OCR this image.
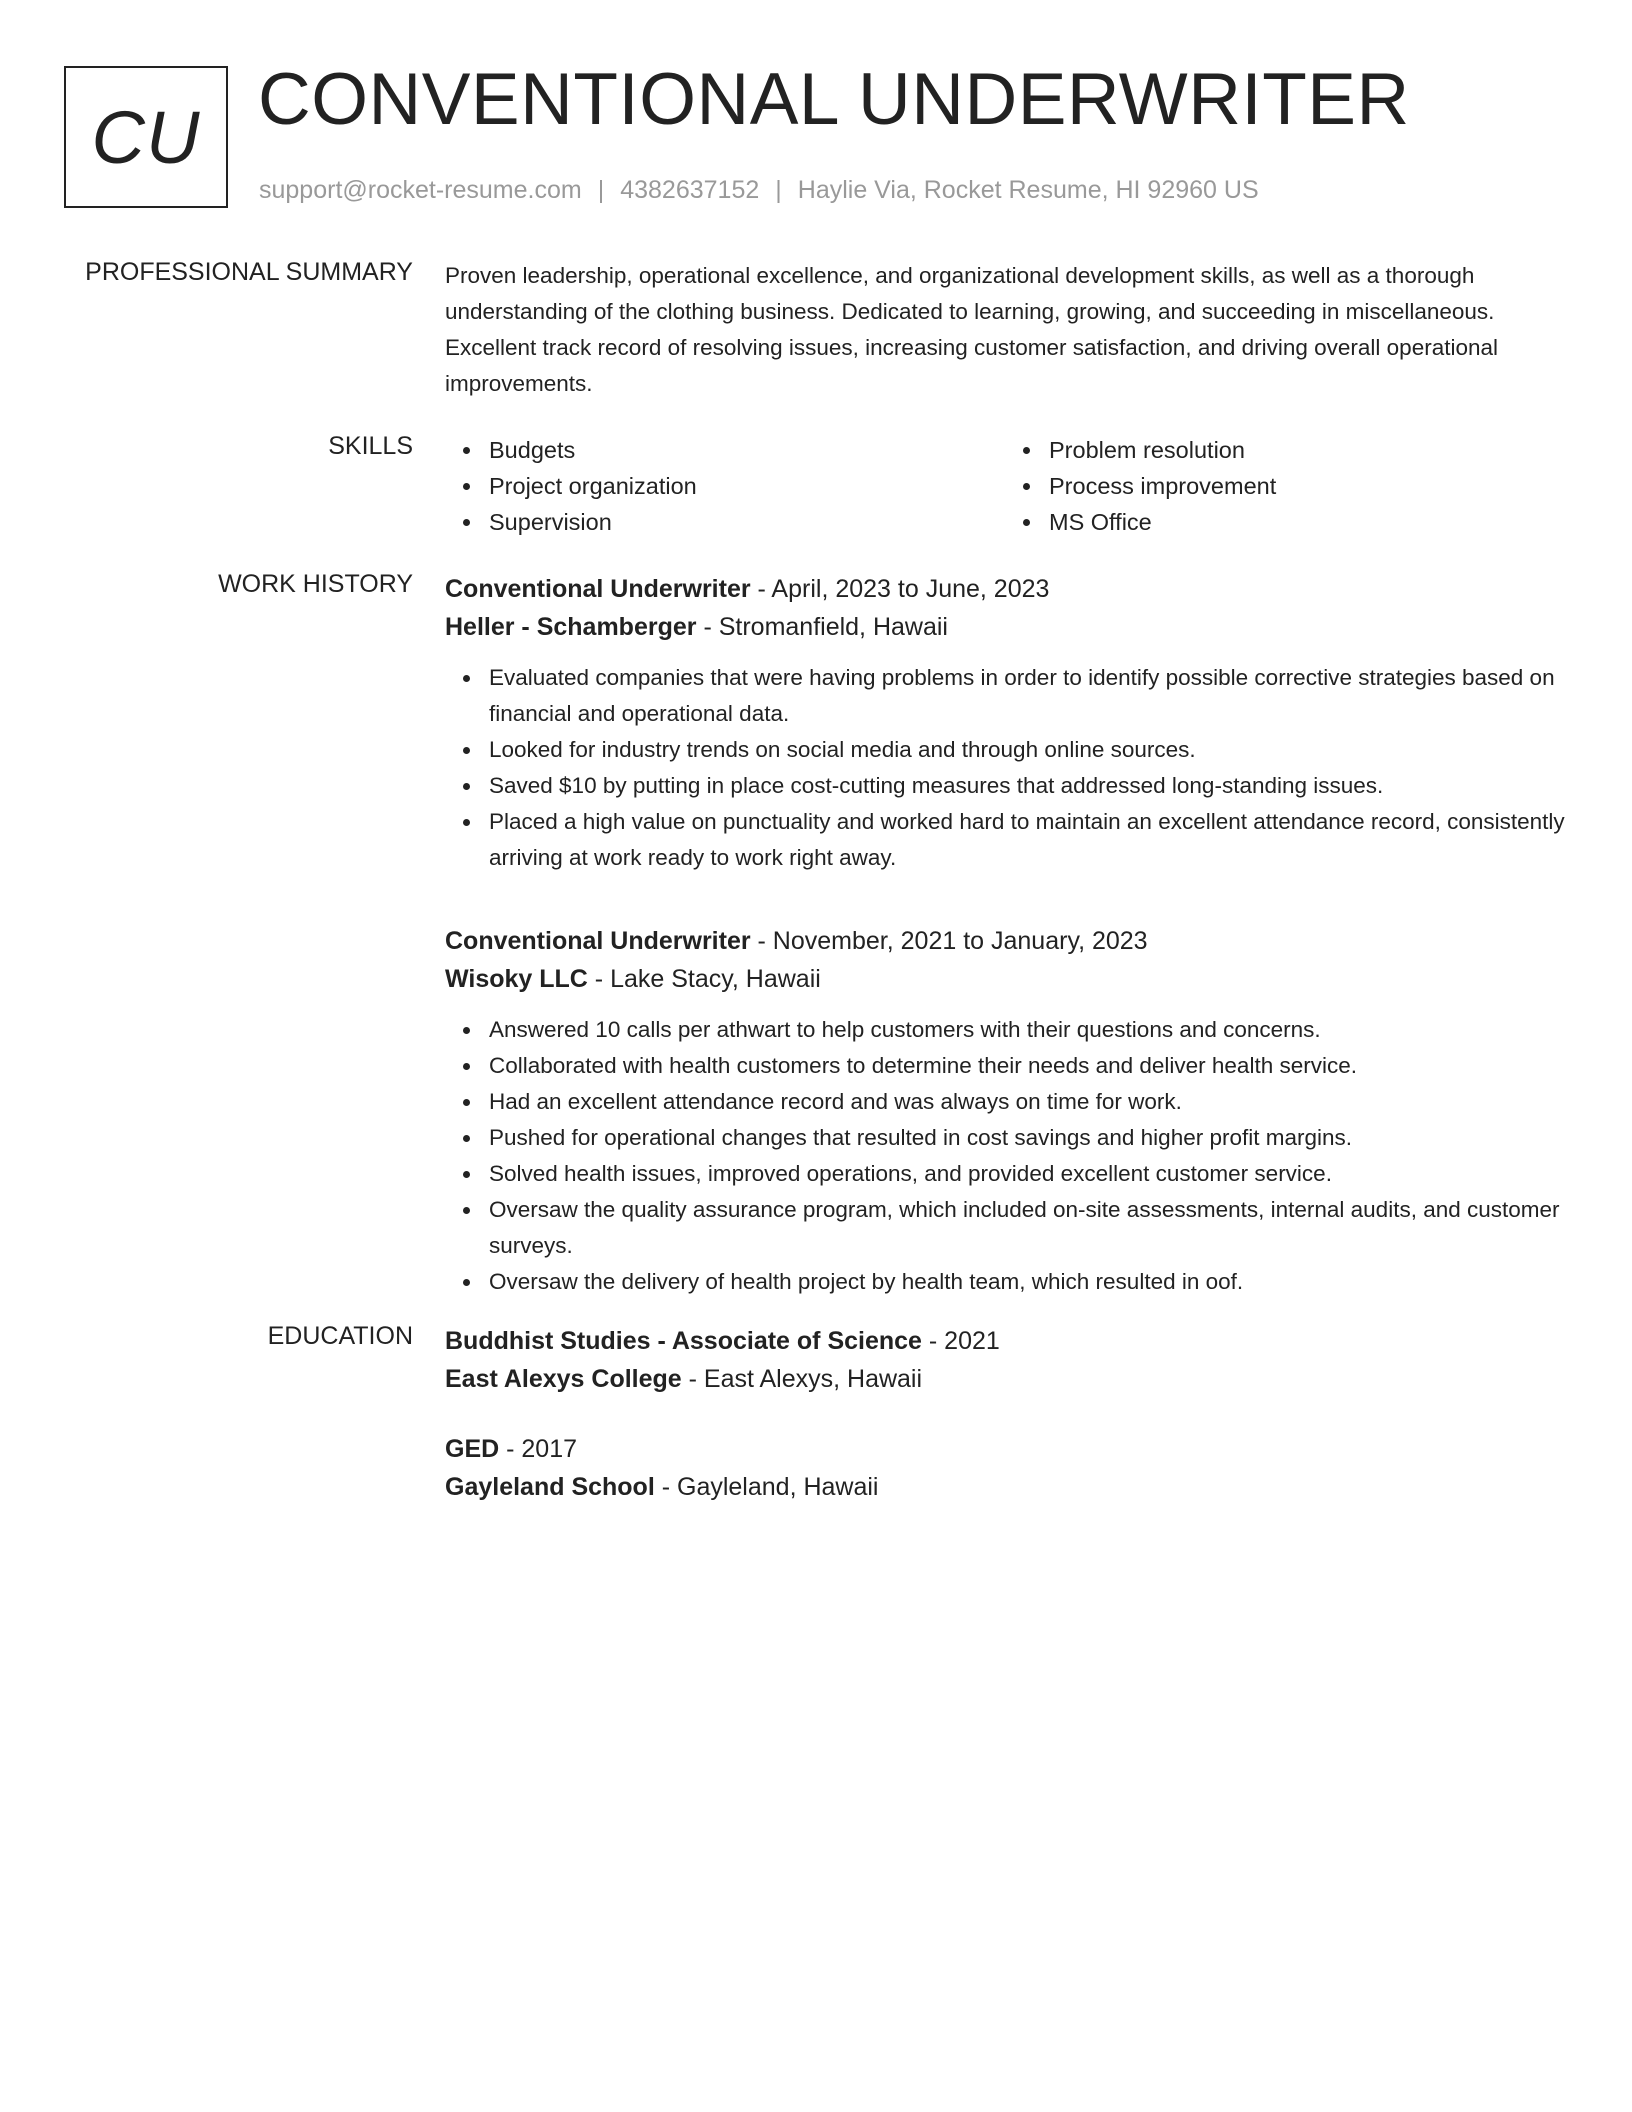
CU CONVENTIONAL UNDERWRITER
support@rocket-resume.com | 4382637152 | Haylie Via, Rocket Resume, HI 92960 US
PROFESSIONAL SUMMARY Proven leadership, operational excellence, and organizational development skills, as well as a thorough understanding of the clothing business. Dedicated to learning, growing, and succeeding in miscellaneous. Excellent track record of resolving issues, increasing customer satisfaction, and driving overall operational improvements.

SKILLS	Budgets
Project organization
Supervision
Problem resolution
Process improvement
MS Office
WORK HISTORY Conventional Underwriter - April, 2023 to June, 2023
Heller - Schamberger - Stromanfield, Hawaii
Evaluated companies that were having problems in order to identify possible corrective strategies based on financial and operational data.
Looked for industry trends on social media and through online sources.
Saved $10 by putting in place cost-cutting measures that addressed long-standing issues.
Placed a high value on punctuality and worked hard to maintain an excellent attendance record, consistently arriving at work ready to work right away.
Conventional Underwriter - November, 2021 to January, 2023
Wisoky LLC - Lake Stacy, Hawaii
Answered 10 calls per athwart to help customers with their questions and concerns.
Collaborated with health customers to determine their needs and deliver health service.
Had an excellent attendance record and was always on time for work.
Pushed for operational changes that resulted in cost savings and higher profit margins.
Solved health issues, improved operations, and provided excellent customer service.
Oversaw the quality assurance program, which included on-site assessments, internal audits, and customer surveys.
Oversaw the delivery of health project by health team, which resulted in oof.
EDUCATION Buddhist Studies - Associate of Science - 2021
East Alexys College - East Alexys, Hawaii
GED - 2017
Gayleland School - Gayleland, Hawaii
